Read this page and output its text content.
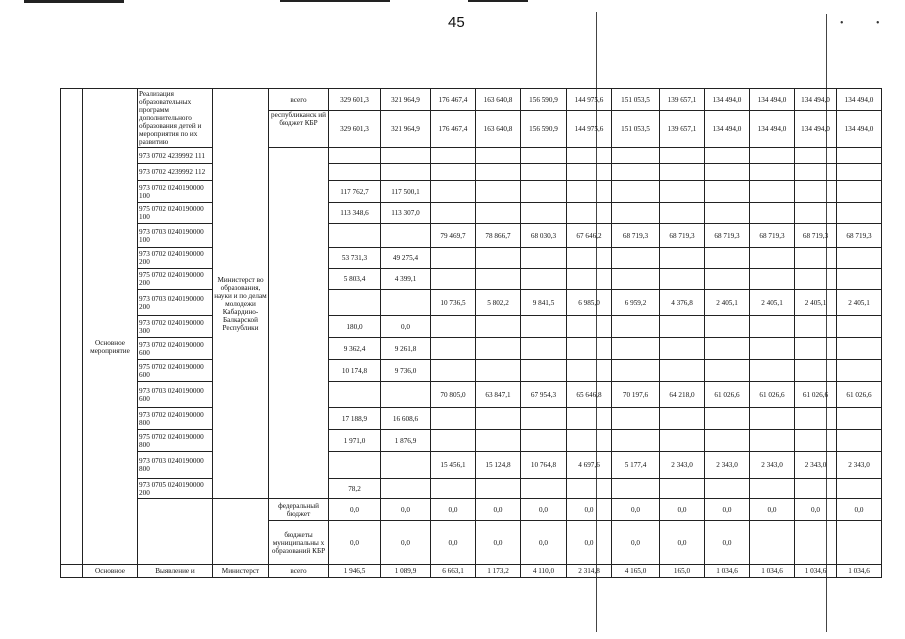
•	•
45
	Основное мероприятие	Реализация образовательных программ дополнительного образования детей и мероприятия по их развитию	Министерст во образования, науки и по делам молодежи Кабардино-Балкарской Республики	всего	329 601,3	321 964,9	176 467,4	163 640,8	156 590,9	144 975,6	151 053,5	139 657,1	134 494,0	134 494,0	134 494,0	134 494,0
				республиканск ий бюджет КБР	329 601,3	321 964,9	176 467,4	163 640,8	156 590,9	144 975,6	151 053,5	139 657,1	134 494,0	134 494,0	134 494,0	134 494,0
		973 0702 4239992 111														
		973 0702 4239992 112														
		973 0702 0240190000 100			117 762,7	117 500,1										
		975 0702 0240190000 100			113 348,6	113 307,0										
		973 0703 0240190000 100					79 469,7	78 866,7	68 030,3	67 646,2	68 719,3	68 719,3	68 719,3	68 719,3	68 719,3	68 719,3
		973 0702 0240190000 200			53 731,3	49 275,4										
		975 0702 0240190000 200			5 803,4	4 399,1										
		973 0703 0240190000 200					10 736,5	5 802,2	9 841,5	6 985,0	6 959,2	4 376,8	2 405,1	2 405,1	2 405,1	2 405,1
		973 0702 0240190000 300			180,0	0,0										
		973 0702 0240190000 600			9 362,4	9 261,8										
		975 0702 0240190000 600			10 174,8	9 736,0										
		973 0703 0240190000 600					70 805,0	63 847,1	67 954,3	65 646,8	70 197,6	64 218,0	61 026,6	61 026,6	61 026,6	61 026,6
		973 0702 0240190000 800			17 188,9	16 608,6										
		975 0702 0240190000 800			1 971,0	1 876,9										
		973 0703 0240190000 800					15 456,1	15 124,8	10 764,8	4 697,6	5 177,4	2 343,0	2 343,0	2 343,0	2 343,0	2 343,0
		973 0705 0240190000 200			78,2											
				федеральный бюджет	0,0	0,0	0,0	0,0	0,0	0,0	0,0	0,0	0,0	0,0	0,0	0,0
				бюджеты муниципальны х образований КБР	0,0	0,0	0,0	0,0	0,0	0,0	0,0	0,0	0,0			
	Основное	Выявление и	Министерст	всего	1 946,5	1 089,9	6 663,1	1 173,2	4 110,0	2 314,8	4 165,0	165,0	1 034,6	1 034,6	1 034,6	1 034,6
